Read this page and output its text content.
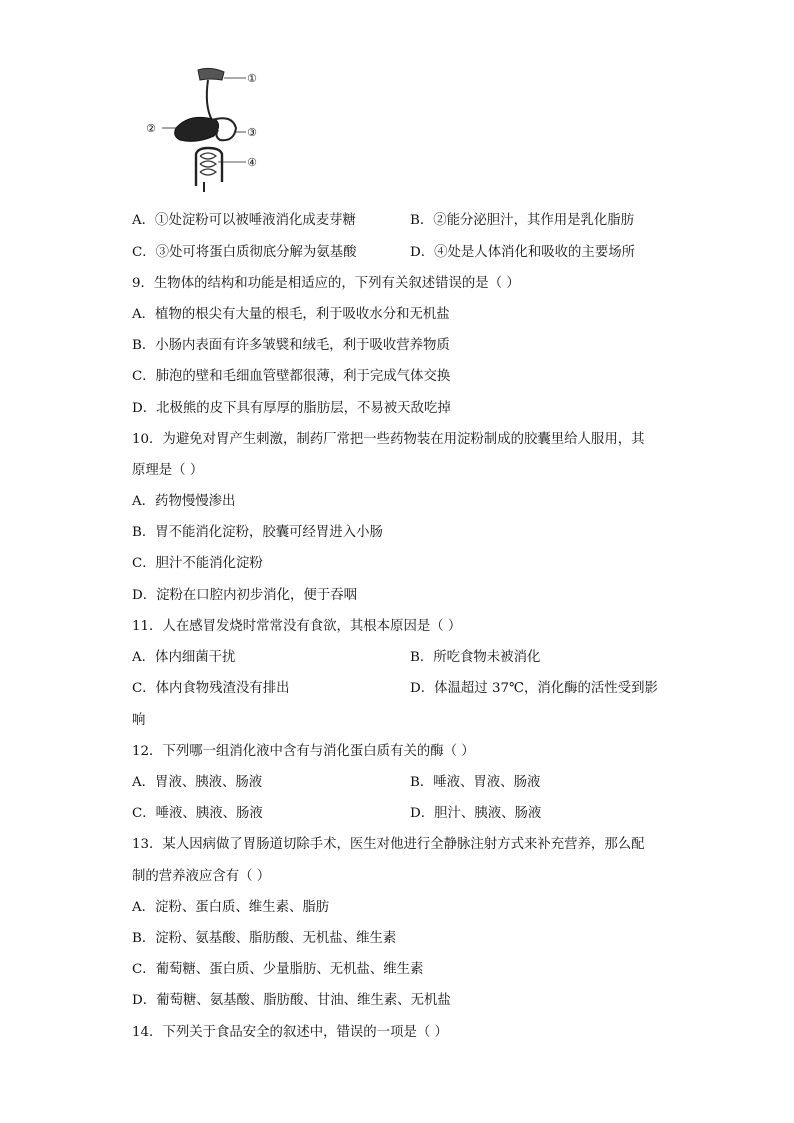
①
②	③
④
A．①处淀粉可以被唾液消化成麦芽糖	B．②能分泌胆汁，其作用是乳化脂肪
C．③处可将蛋白质彻底分解为氨基酸	D．④处是人体消化和吸收的主要场所
9．生物体的结构和功能是相适应的，下列有关叙述错误的是（ ）
A．植物的根尖有大量的根毛，利于吸收水分和无机盐
B．小肠内表面有许多皱襞和绒毛，利于吸收营养物质
C．肺泡的壁和毛细血管壁都很薄，利于完成气体交换
D．北极熊的皮下具有厚厚的脂肪层，不易被天敌吃掉
10．为避免对胃产生刺激，制药厂常把一些药物装在用淀粉制成的胶囊里给人服用，其
原理是（ ）
A．药物慢慢渗出
B．胃不能消化淀粉，胶囊可经胃进入小肠
C．胆汁不能消化淀粉
D．淀粉在口腔内初步消化，便于吞咽
11．人在感冒发烧时常常没有食欲，其根本原因是（ ）
A．体内细菌干扰	B．所吃食物未被消化
C．体内食物残渣没有排出	D．体温超过 37℃，消化酶的活性受到影
响
12．下列哪一组消化液中含有与消化蛋白质有关的酶（ ）
A．胃液、胰液、肠液	B．唾液、胃液、肠液
C．唾液、胰液、肠液	D．胆汁、胰液、肠液
13．某人因病做了胃肠道切除手术，医生对他进行全静脉注射方式来补充营养，那么配
制的营养液应含有（ ）
A．淀粉、蛋白质、维生素、脂肪
B．淀粉、氨基酸、脂肪酸、无机盐、维生素
C．葡萄糖、蛋白质、少量脂肪、无机盐、维生素
D．葡萄糖、氨基酸、脂肪酸、甘油、维生素、无机盐
14．下列关于食品安全的叙述中，错误的一项是（ ）
